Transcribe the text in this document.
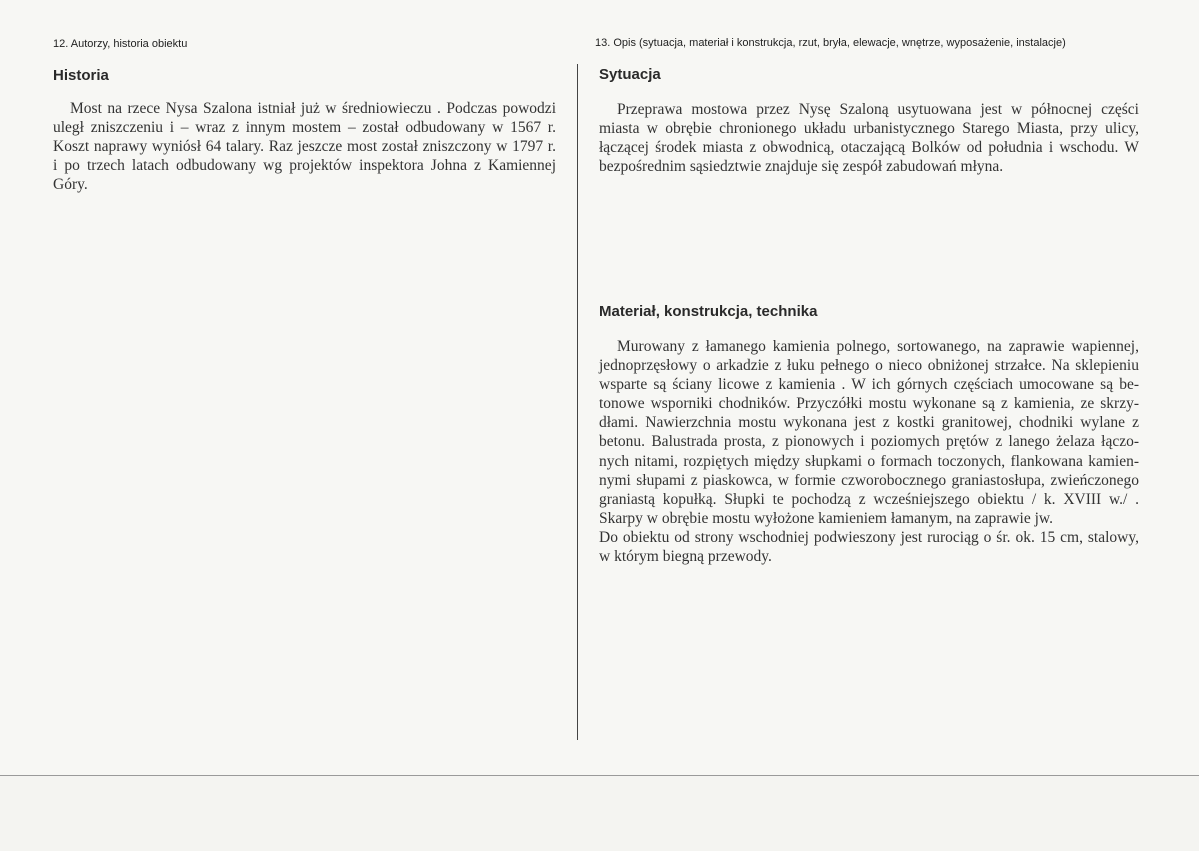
12. Autorzy, historia obiektu
Historia
Most na rzece Nysa Szalona istniał już w średniowieczu . Podczas powodzi
uległ zniszczeniu i – wraz z innym mostem – został odbudowany w 1567 r.
Koszt naprawy wyniósł 64 talary. Raz jeszcze most został zniszczony w 1797 r.
i po trzech latach odbudowany wg projektów inspektora Johna z Kamiennej
Góry.
13. Opis (sytuacja, materiał i konstrukcja, rzut, bryła, elewacje, wnętrze, wyposażenie, instalacje)
Sytuacja
Przeprawa mostowa przez Nysę Szaloną usytuowana jest w północnej części
miasta w obrębie chronionego układu urbanistycznego Starego Miasta, przy ulicy,
łączącej środek miasta z obwodnicą, otaczającą Bolków od południa i wschodu. W
bezpośrednim sąsiedztwie znajduje się zespół zabudowań młyna.
Materiał, konstrukcja, technika
Murowany z łamanego kamienia polnego, sortowanego, na zaprawie wapiennej,
jednoprzęsłowy o arkadzie z łuku pełnego o nieco obniżonej strzałce. Na sklepieniu
wsparte są ściany licowe z kamienia . W ich górnych częściach umocowane są be-
tonowe wsporniki chodników. Przyczółki mostu wykonane są z kamienia, ze skrzy-
dłami. Nawierzchnia mostu wykonana jest z kostki granitowej, chodniki wylane z
betonu. Balustrada prosta, z pionowych i poziomych prętów z lanego żelaza łączo-
nych nitami, rozpiętych między słupkami o formach toczonych, flankowana kamien-
nymi słupami z piaskowca, w formie czworobocznego graniastosłupa, zwieńczonego
graniastą kopułką. Słupki te pochodzą z wcześniejszego obiektu / k. XVIII w./ .
Skarpy w obrębie mostu wyłożone kamieniem łamanym, na zaprawie jw.
Do obiektu od strony wschodniej podwieszony jest rurociąg o śr. ok. 15 cm, stalowy,
w którym biegną przewody.
